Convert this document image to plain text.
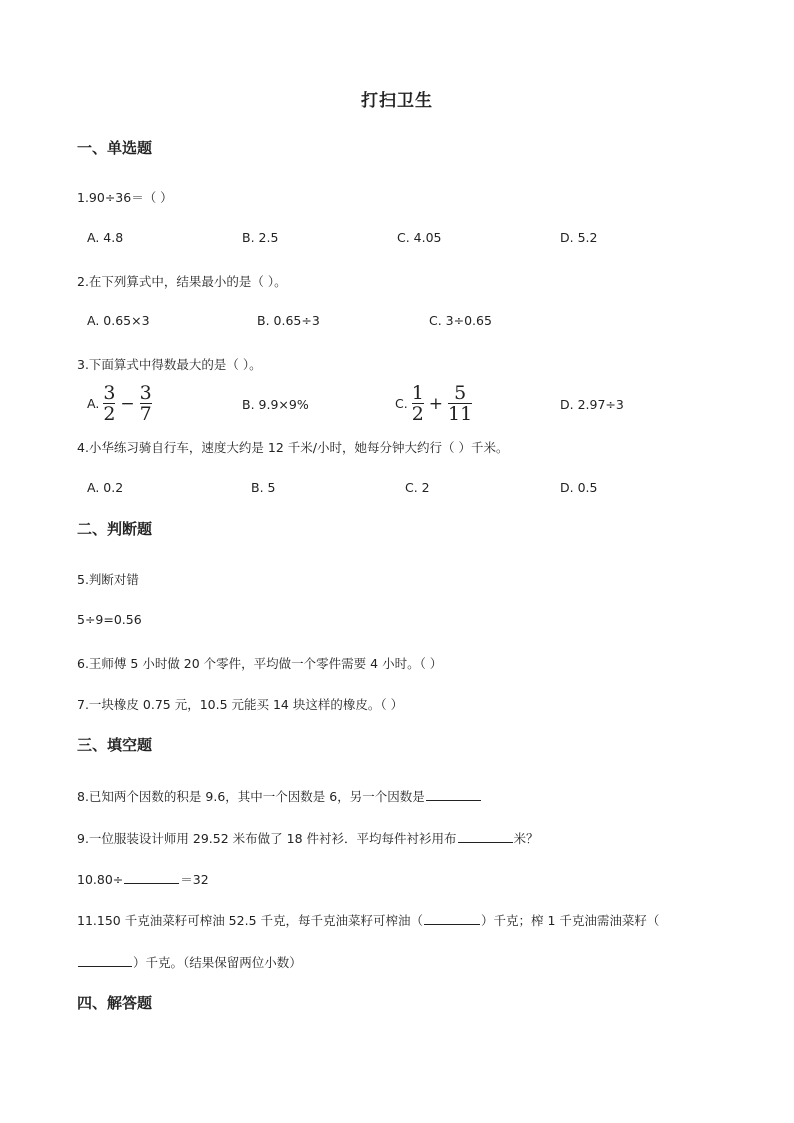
打扫卫生
一、单选题
1.90÷36＝（ ）
A. 4.8	B. 2.5	C. 4.05	D. 5.2
2.在下列算式中，结果最小的是（ ）。
A. 0.65×3	B. 0.65÷3	C. 3÷0.65
3.下面算式中得数最大的是（ ）。
A. $\frac{3}{2} - \frac{3}{7}$	B. 9.9×9%	C. $\frac{1}{2} + \frac{5}{11}$	D. 2.97÷3
4.小华练习骑自行车，速度大约是 12 千米/小时，她每分钟大约行（ ）千米。
A. 0.2	B. 5	C. 2	D. 0.5
二、判断题
5.判断对错
5÷9=0.56
6.王师傅 5 小时做 20 个零件，平均做一个零件需要 4 小时。（ ）
7.一块橡皮 0.75 元，10.5 元能买 14 块这样的橡皮。（ ）
三、填空题
8.已知两个因数的积是 9.6，其中一个因数是 6，另一个因数是
9.一位服装设计师用 29.52 米布做了 18 件衬衫．平均每件衬衫用布	米？
10.80÷	＝32
11.150 千克油菜籽可榨油 52.5 千克，每千克油菜籽可榨油（	）千克；榨 1 千克油需油菜籽（
）千克。（结果保留两位小数）
四、解答题
